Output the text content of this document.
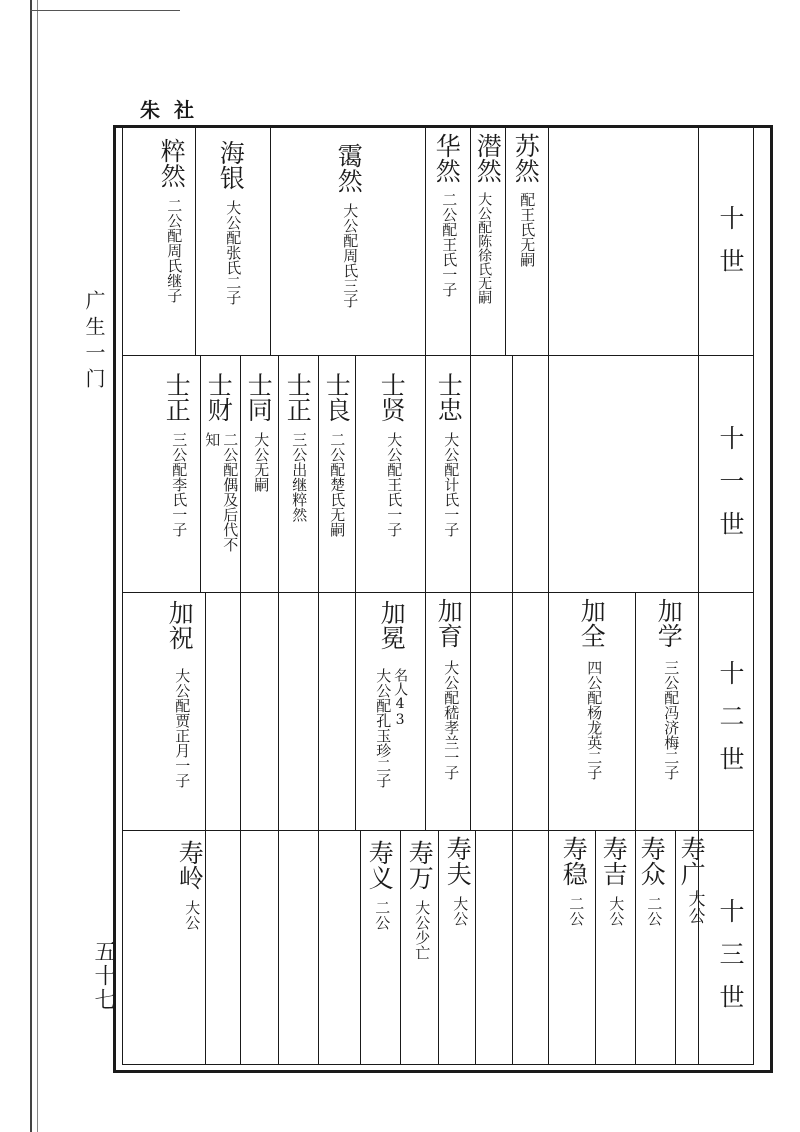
朱社
广生一门
五十七
十世
十一世
十二世
十三世
苏然
配王氏无嗣
潜然
大公配陈徐氏无嗣
华然
二公配王氏一子
霭然
大公配周氏三子
海银
大公配张氏二子
粹然
二公配周氏继子
士忠
大公配计氏一子
士贤
大公配王氏一子
士良
二公配楚氏无嗣
士正
三公出继粹然
士同
大公无嗣
士财
二公配偶及后代不
知
士正
三公配李氏一子
加学
三公配冯济梅二子
加全
四公配杨龙英二子
加育
大公配嵇孝兰一子
加冕
名人43
大公配孔玉珍二子
加祝
大公配贾正月一子
寿广
大公
寿众
二公
寿吉
大公
寿稳
二公
寿夫
大公
寿万
大公少亡
寿义
二公
寿岭
大公
